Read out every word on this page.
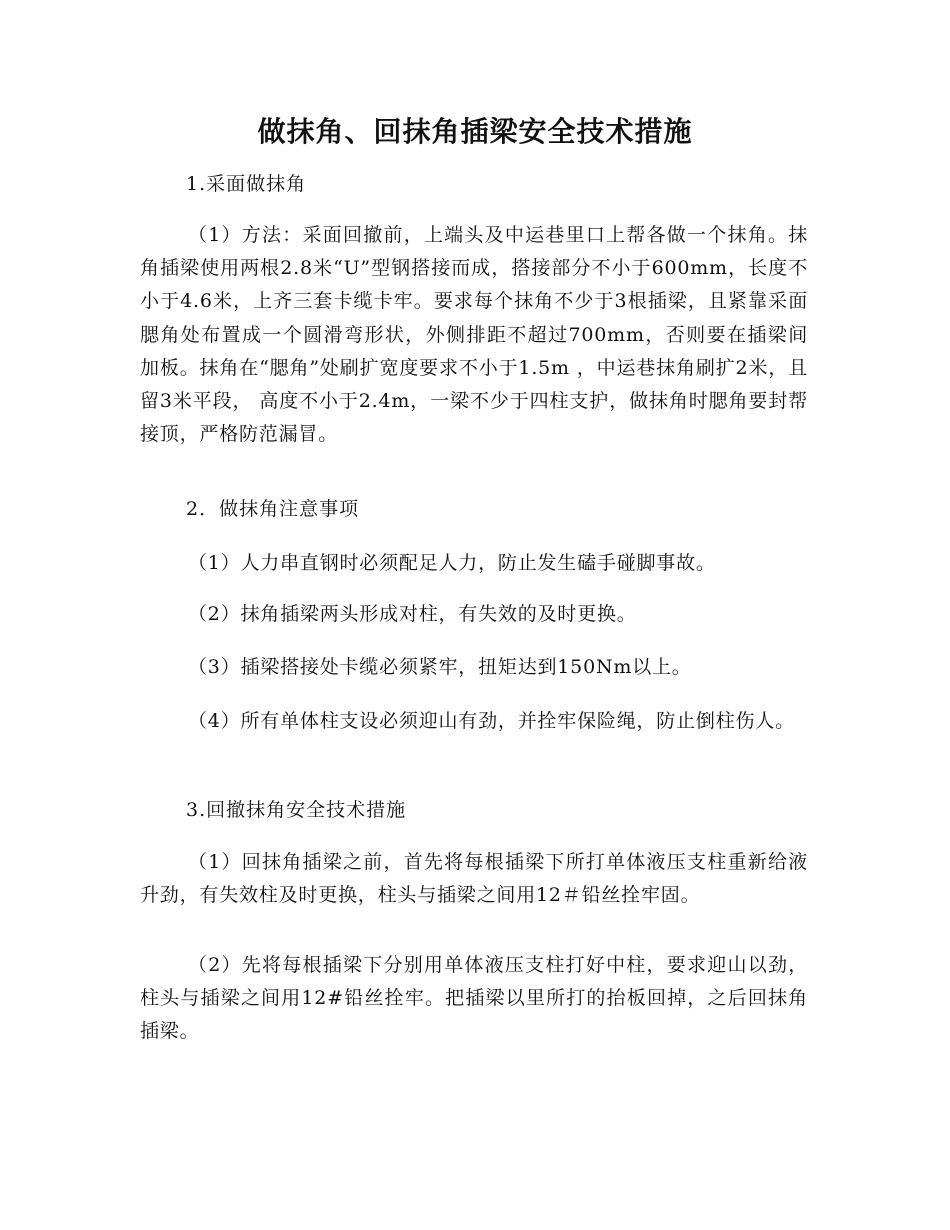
做抹角、回抹角插梁安全技术措施
1.采面做抹角
（1）方法：采面回撤前，上端头及中运巷里口上帮各做一个抹角。抹角插梁使用两根2.8米“U”型钢搭接而成，搭接部分不小于600mm，长度不小于4.6米，上齐三套卡缆卡牢。要求每个抹角不少于3根插梁，且紧靠采面腮角处布置成一个圆滑弯形状，外侧排距不超过700mm，否则要在插梁间加板。抹角在“腮角”处刷扩宽度要求不小于1.5m ，中运巷抹角刷扩2米，且留3米平段， 高度不小于2.4m，一梁不少于四柱支护，做抹角时腮角要封帮接顶，严格防范漏冒。
2．做抹角注意事项
（1）人力串直钢时必须配足人力，防止发生磕手碰脚事故。
（2）抹角插梁两头形成对柱，有失效的及时更换。
（3）插梁搭接处卡缆必须紧牢，扭矩达到150Nm以上。
（4）所有单体柱支设必须迎山有劲，并拴牢保险绳，防止倒柱伤人。
3.回撤抹角安全技术措施
（1）回抹角插梁之前，首先将每根插梁下所打单体液压支柱重新给液升劲，有失效柱及时更换，柱头与插梁之间用12＃铅丝拴牢固。
（2）先将每根插梁下分别用单体液压支柱打好中柱，要求迎山以劲，柱头与插梁之间用12#铅丝拴牢。把插梁以里所打的抬板回掉，之后回抹角插梁。
